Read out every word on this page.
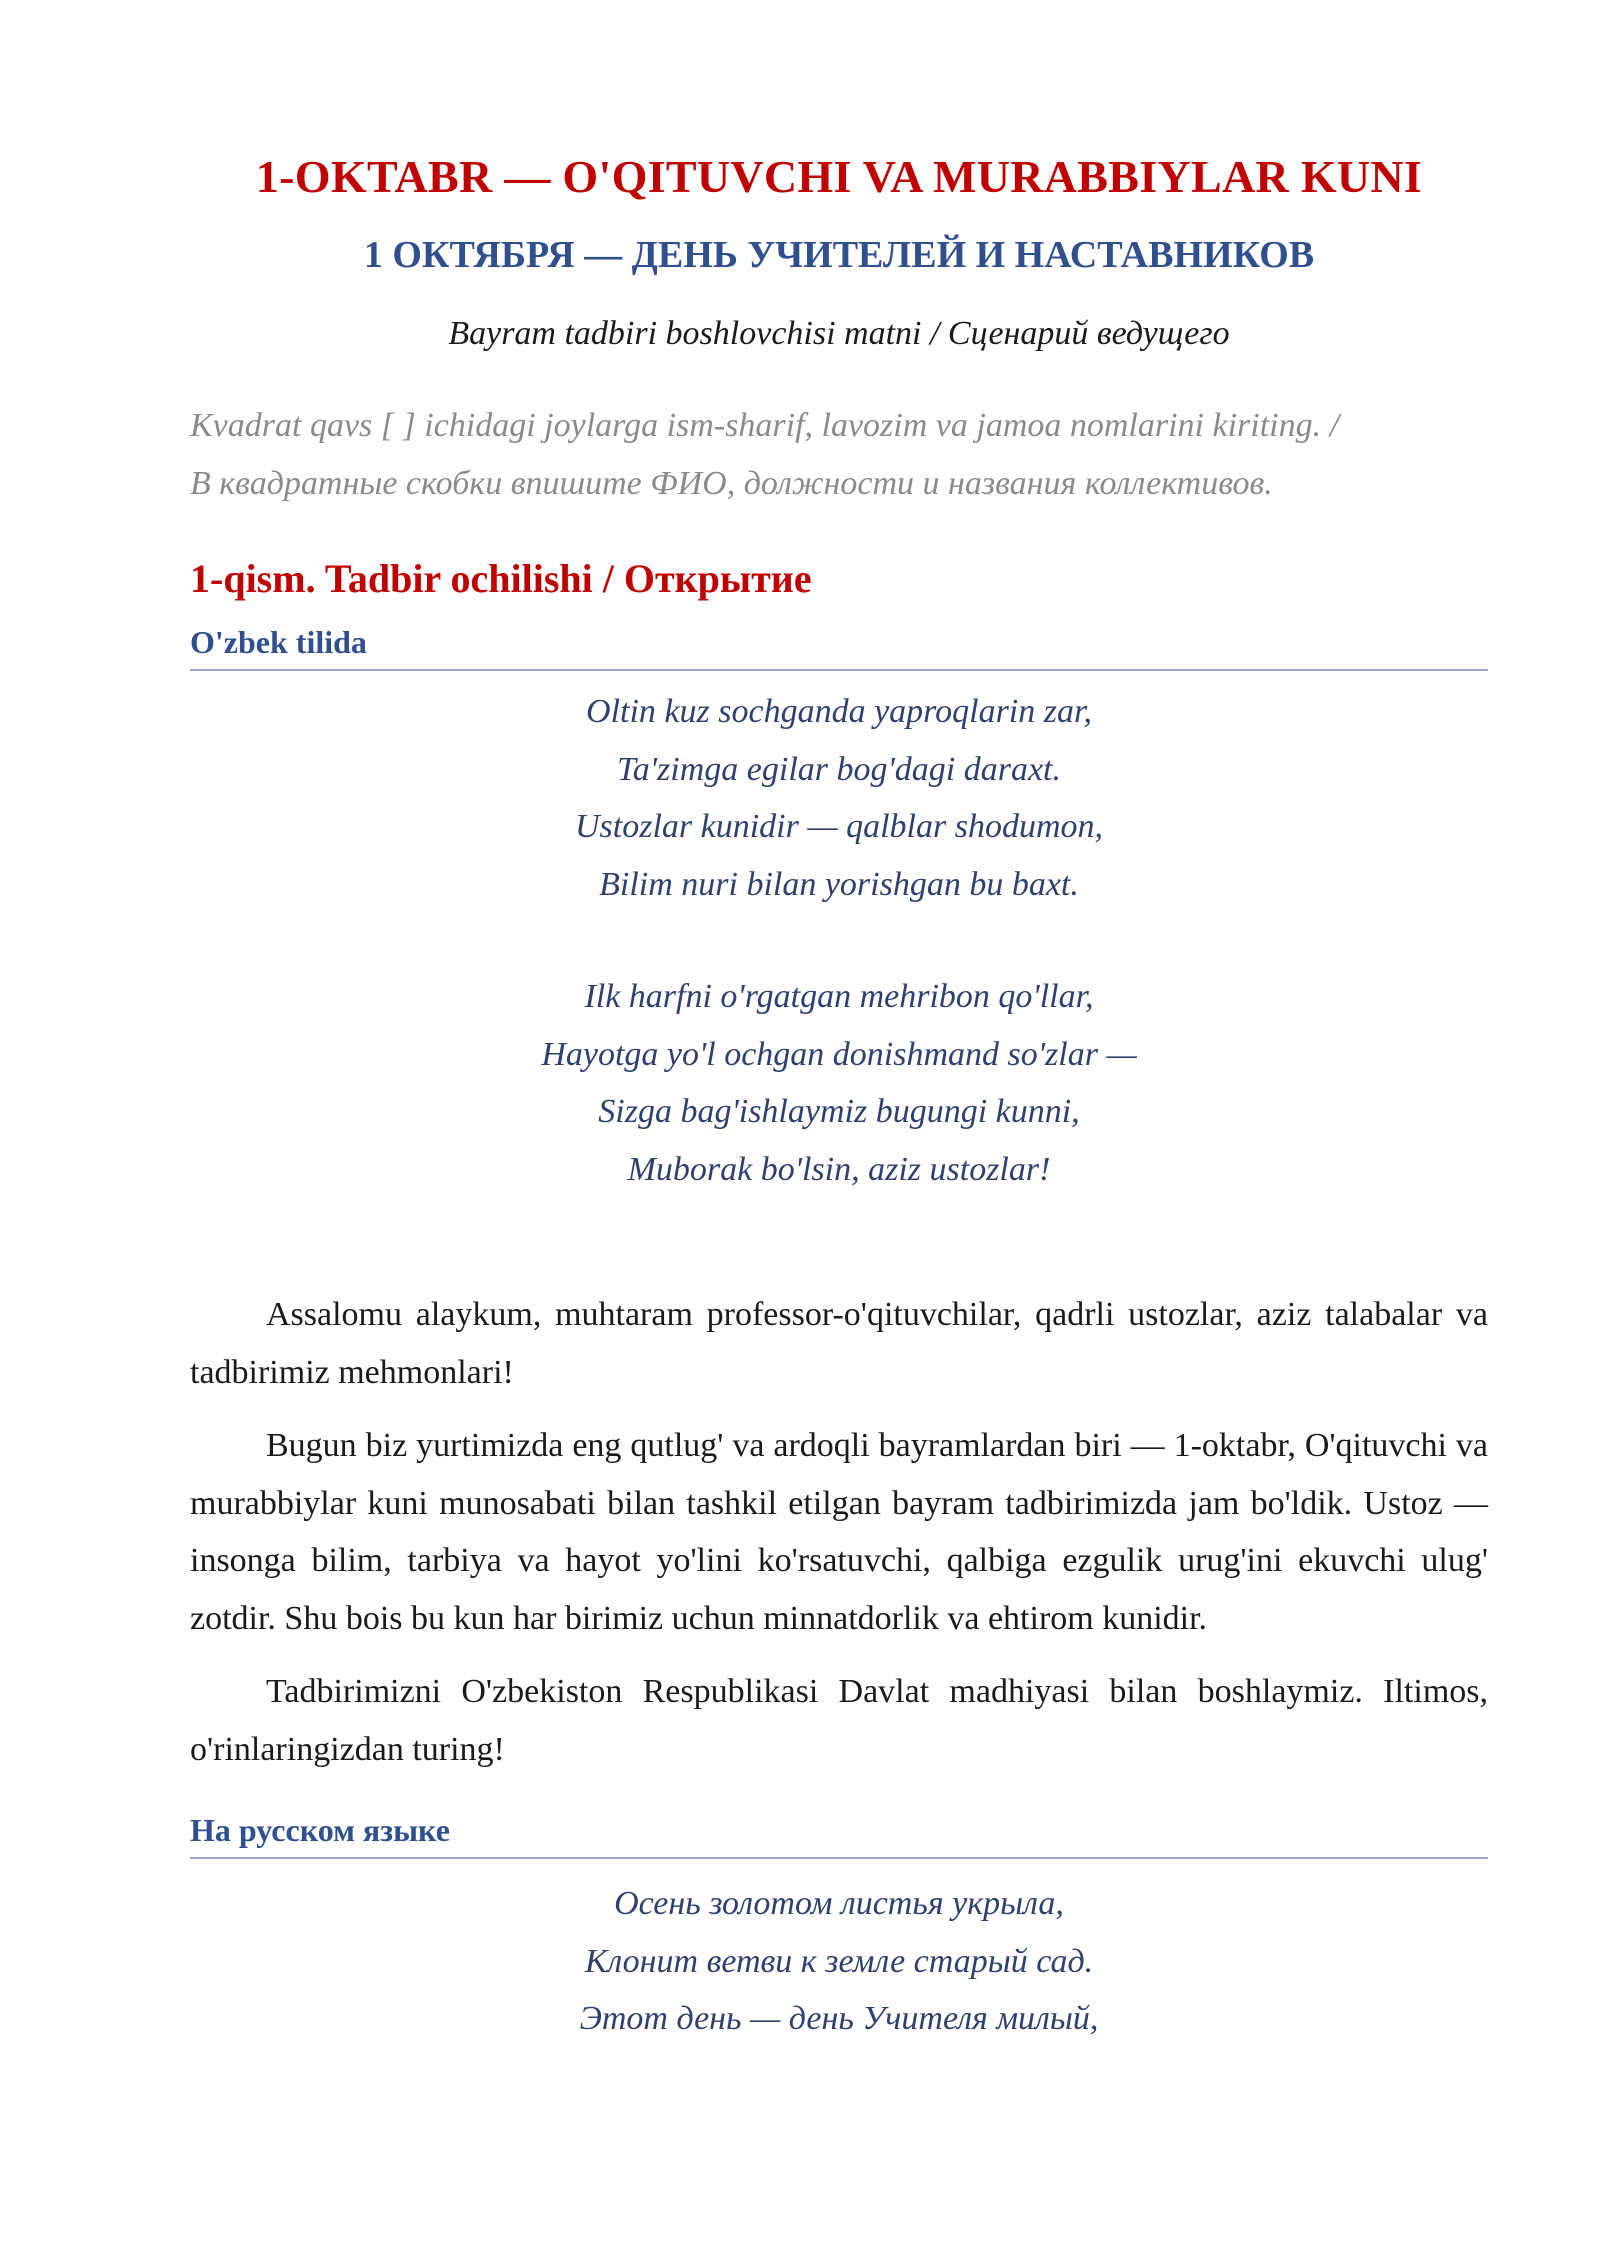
1-OKTABR — O'QITUVCHI VA MURABBIYLAR KUNI
1 ОКТЯБРЯ — ДЕНЬ УЧИТЕЛЕЙ И НАСТАВНИКОВ

Bayram tadbiri boshlovchisi matni / Сценарий ведущего

Kvadrat qavs [ ] ichidagi joylarga ism-sharif, lavozim va jamoa nomlarini kiriting. /
В квадратные скобки впишите ФИО, должности и названия коллективов.
1-qism. Tadbir ochilishi / Открытие
O'zbek tilida
Oltin kuz sochganda yaproqlarin zar,
Ta'zimga egilar bog'dagi daraxt.
Ustozlar kunidir — qalblar shodumon,
Bilim nuri bilan yorishgan bu baxt.
Ilk harfni o'rgatgan mehribon qo'llar,
Hayotga yo'l ochgan donishmand so'zlar —
Sizga bag'ishlaymiz bugungi kunni,
Muborak bo'lsin, aziz ustozlar!

Assalomu alaykum, muhtaram professor-o'qituvchilar, qadrli ustozlar, aziz talabalar va tadbirimiz mehmonlari!

Bugun biz yurtimizda eng qutlug' va ardoqli bayramlardan biri — 1-oktabr, O'qituvchi va murabbiylar kuni munosabati bilan tashkil etilgan bayram tadbirimizda jam bo'ldik. Ustoz — insonga bilim, tarbiya va hayot yo'lini ko'rsatuvchi, qalbiga ezgulik urug'ini ekuvchi ulug' zotdir. Shu bois bu kun har birimiz uchun minnatdorlik va ehtirom kunidir.

Tadbirimizni O'zbekiston Respublikasi Davlat madhiyasi bilan boshlaymiz. Iltimos, o'rinlaringizdan turing!

На русском языке
Осень золотом листья укрыла,
Клонит ветви к земле старый сад.
Этот день — день Учителя милый,
